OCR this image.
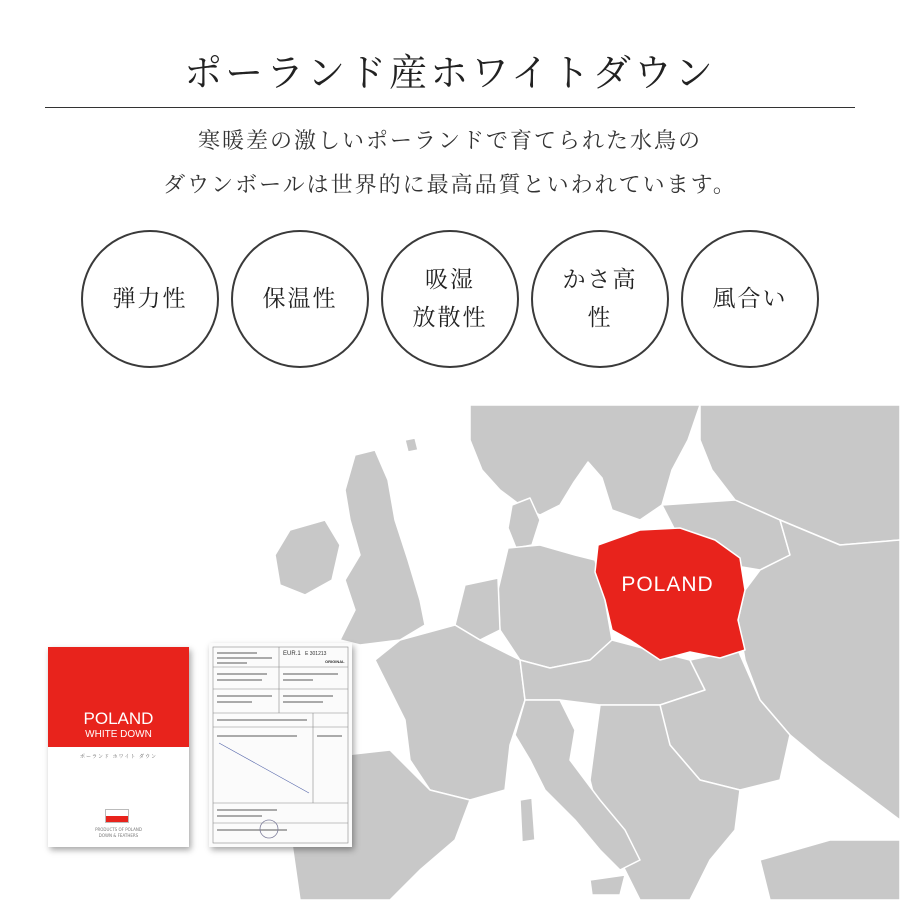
ポーランド産ホワイトダウン
寒暖差の激しいポーランドで育てられた水鳥の
ダウンボールは世界的に最高品質といわれています。
弾力性	保温性
吸湿
放散性
かさ高
性
風合い
POLAND
POLAND
WHITE DOWN
ポーランド ホワイト ダウン
PRODUCTS OF POLAND
DOWN & FEATHERS
EUR.1 E 301213
ORIGINAL
